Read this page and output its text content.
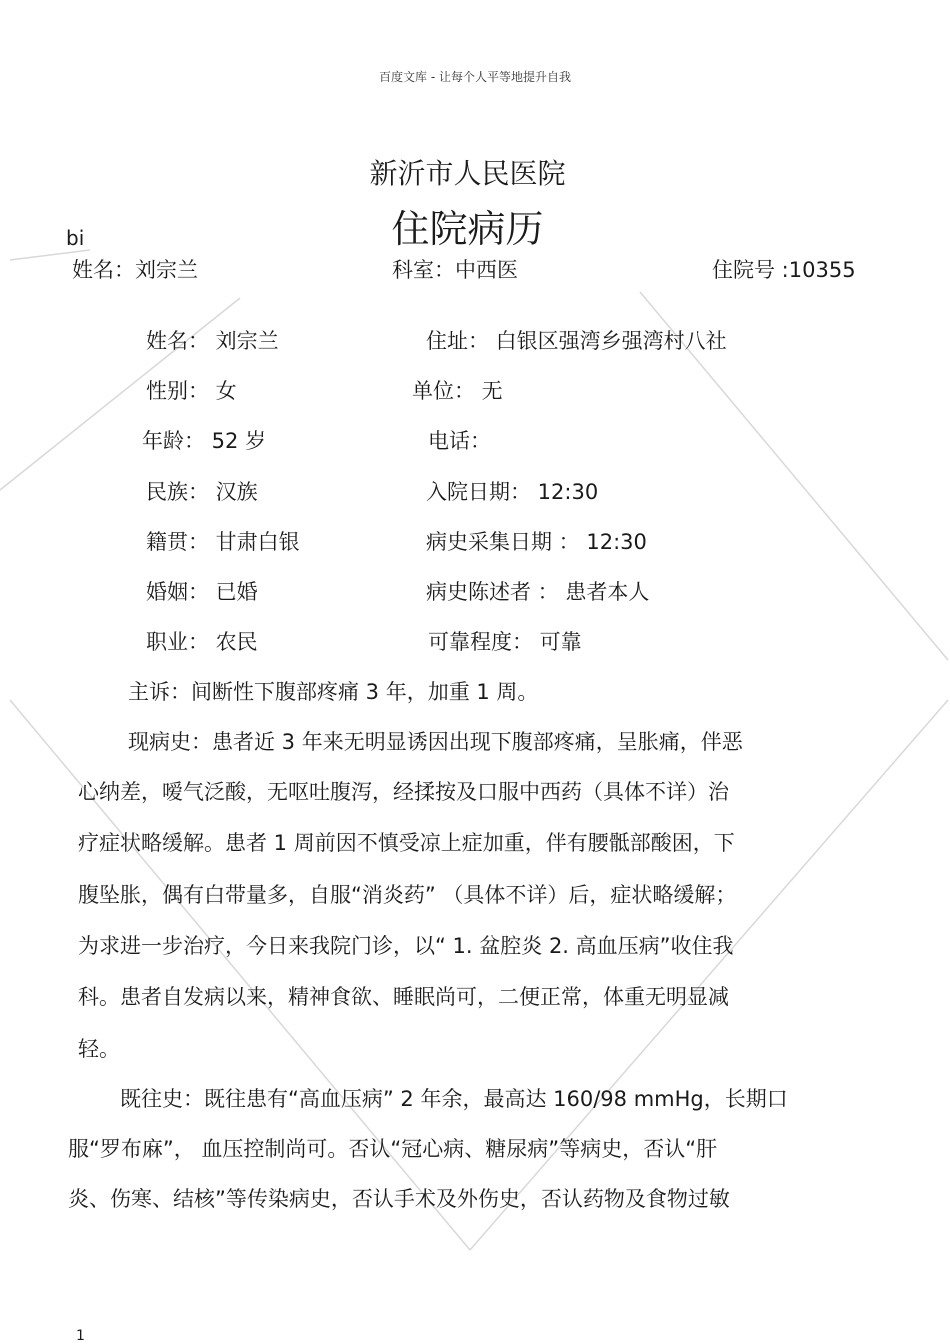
百度文库 - 让每个人平等地提升自我
新沂市人民医院
住院病历
bi
姓名：刘宗兰	科室：中西医	住院号 :10355
姓名： 刘宗兰	住址： 白银区强湾乡强湾村八社
性别： 女	单位： 无
年龄： 52 岁	电话：
民族： 汉族	入院日期： 12:30
籍贯： 甘肃白银	病史采集日期 ： 12:30
婚姻： 已婚	病史陈述者 ： 患者本人
职业： 农民	可靠程度： 可靠
主诉：间断性下腹部疼痛 3 年，加重 1 周。
现病史：患者近 3 年来无明显诱因出现下腹部疼痛，呈胀痛，伴恶
心纳差，嗳气泛酸，无呕吐腹泻，经揉按及口服中西药（具体不详）治
疗症状略缓解。患者 1 周前因不慎受凉上症加重，伴有腰骶部酸困，下
腹坠胀，偶有白带量多，自服“消炎药” （具体不详）后，症状略缓解；
为求进一步治疗，今日来我院门诊，以“ 1. 盆腔炎 2. 高血压病”收住我
科。患者自发病以来，精神食欲、睡眠尚可，二便正常，体重无明显减
轻。
既往史：既往患有“高血压病” 2 年余，最高达 160/98 mmHg，长期口
服“罗布麻”， 血压控制尚可。否认“冠心病、糖尿病”等病史，否认“肝
炎、伤寒、结核”等传染病史，否认手术及外伤史，否认药物及食物过敏
1
